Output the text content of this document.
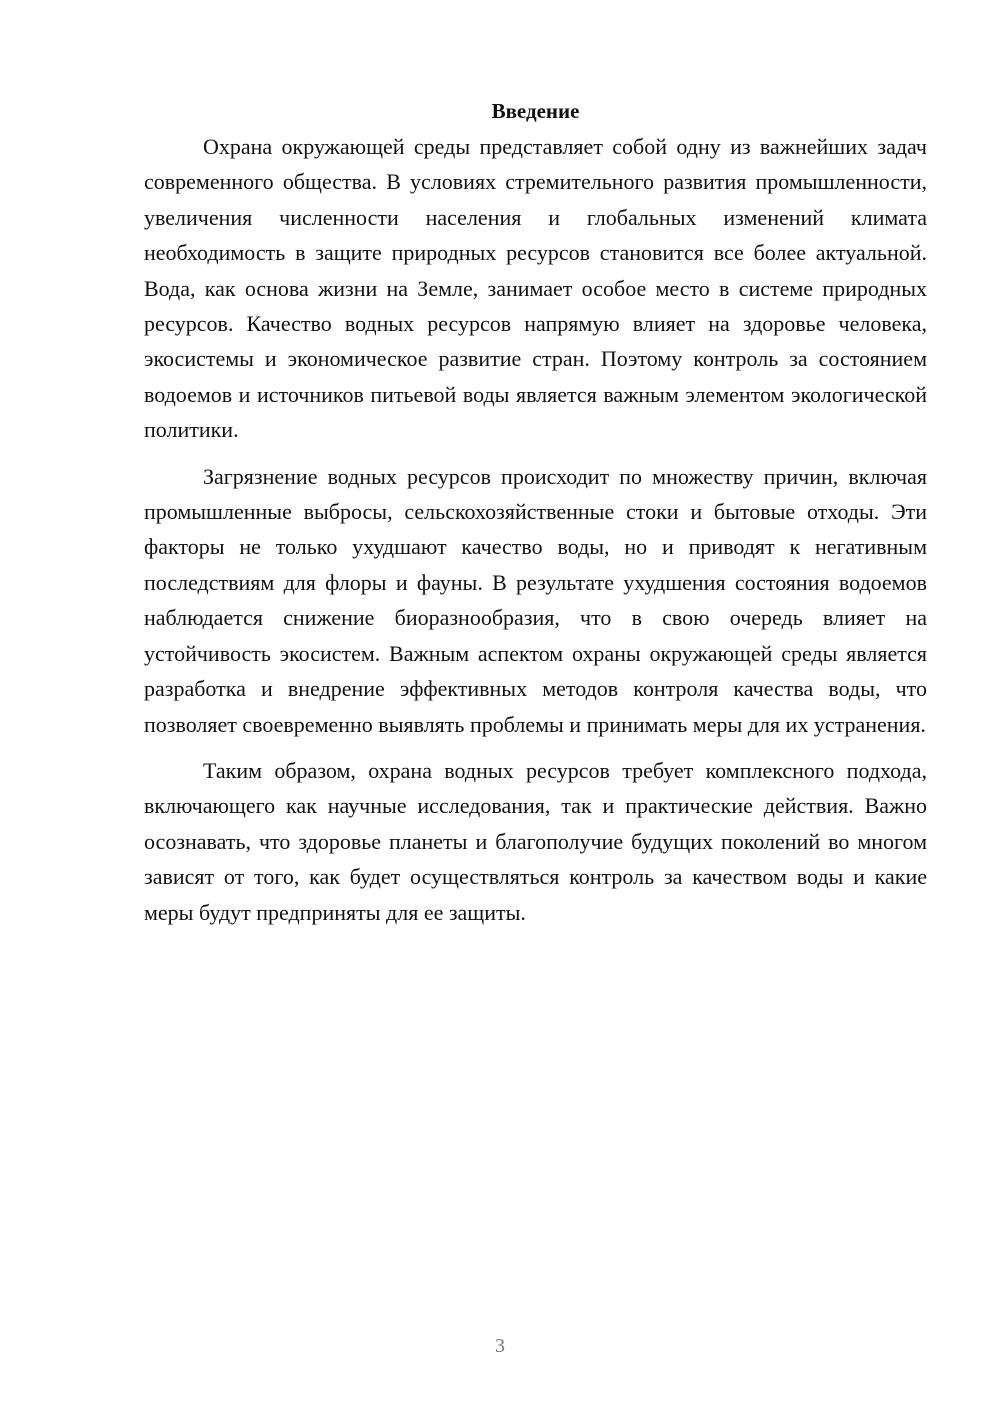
Введение

Охрана окружающей среды представляет собой одну из важнейших задач современного общества. В условиях стремительного развития промышленности, увеличения численности населения и глобальных изменений климата необходимость в защите природных ресурсов становится все более актуальной. Вода, как основа жизни на Земле, занимает особое место в системе природных ресурсов. Качество водных ресурсов напрямую влияет на здоровье человека, экосистемы и экономическое развитие стран. Поэтому контроль за состоянием водоемов и источников питьевой воды является важным элементом экологической политики.

Загрязнение водных ресурсов происходит по множеству причин, включая промышленные выбросы, сельскохозяйственные стоки и бытовые отходы. Эти факторы не только ухудшают качество воды, но и приводят к негативным последствиям для флоры и фауны. В результате ухудшения состояния водоемов наблюдается снижение биоразнообразия, что в свою очередь влияет на устойчивость экосистем. Важным аспектом охраны окружающей среды является разработка и внедрение эффективных методов контроля качества воды, что позволяет своевременно выявлять проблемы и принимать меры для их устранения.

Таким образом, охрана водных ресурсов требует комплексного подхода, включающего как научные исследования, так и практические действия. Важно осознавать, что здоровье планеты и благополучие будущих поколений во многом зависят от того, как будет осуществляться контроль за качеством воды и какие меры будут предприняты для ее защиты.

3
